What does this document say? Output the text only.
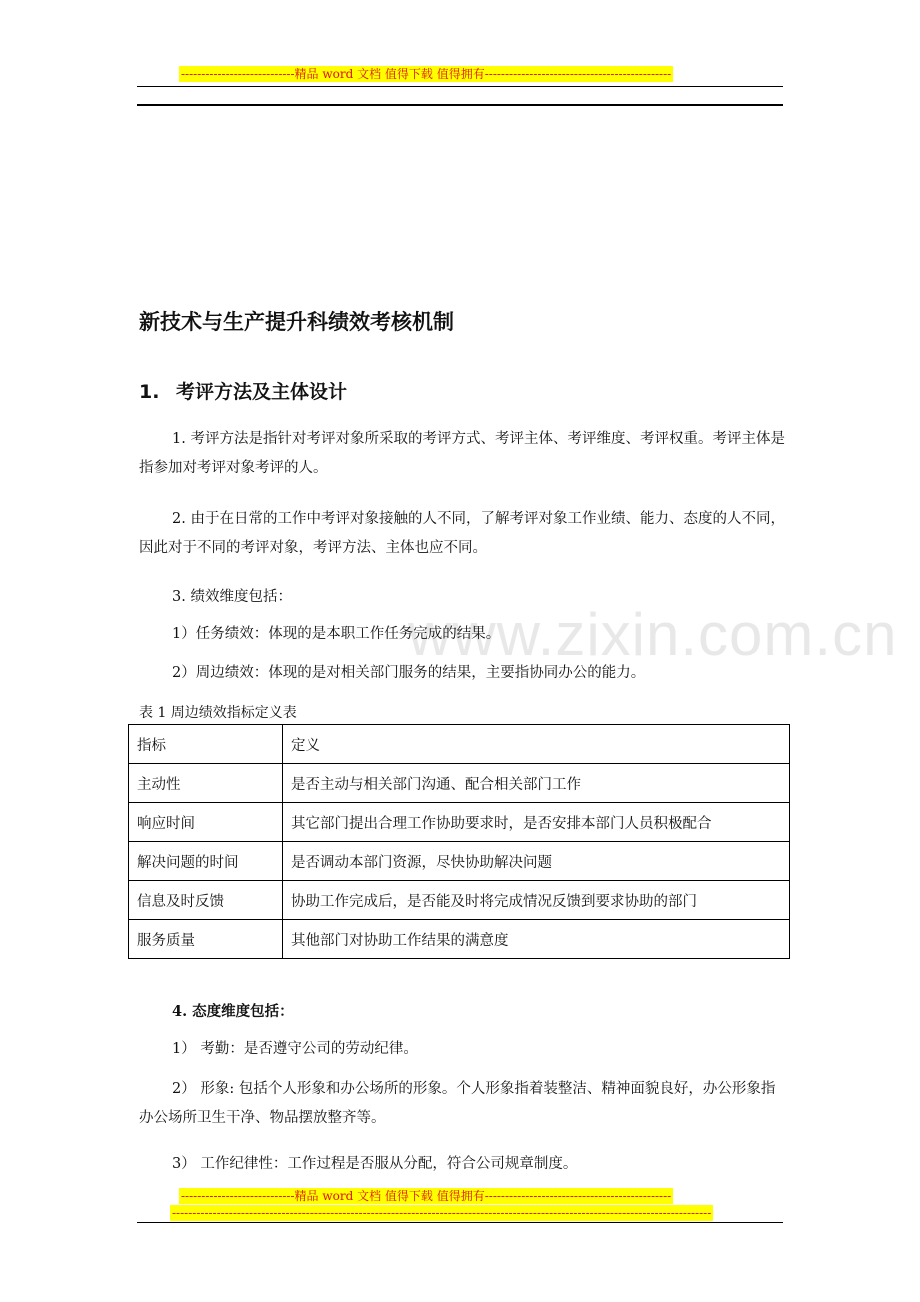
----------------------------精品 word 文档 值得下载 值得拥有----------------------------------------------
www.zixin.com.cn
新技术与生产提升科绩效考核机制
1. 考评方法及主体设计

1. 考评方法是指针对考评对象所采取的考评方式、考评主体、考评维度、考评权重。考评主体是指参加对考评对象考评的人。

2. 由于在日常的工作中考评对象接触的人不同，了解考评对象工作业绩、能力、态度的人不同，因此对于不同的考评对象，考评方法、主体也应不同。

3. 绩效维度包括：

1）任务绩效：体现的是本职工作任务完成的结果。

2）周边绩效：体现的是对相关部门服务的结果，主要指协同办公的能力。

表 1 周边绩效指标定义表

指标	定义
主动性	是否主动与相关部门沟通、配合相关部门工作
响应时间	其它部门提出合理工作协助要求时，是否安排本部门人员积极配合
解决问题的时间	是否调动本部门资源，尽快协助解决问题
信息及时反馈	协助工作完成后，是否能及时将完成情况反馈到要求协助的部门
服务质量	其他部门对协助工作结果的满意度

4. 态度维度包括：

1） 考勤：是否遵守公司的劳动纪律。

2） 形象: 包括个人形象和办公场所的形象。个人形象指着装整洁、精神面貌良好，办公形象指办公场所卫生干净、物品摆放整齐等。

3） 工作纪律性：工作过程是否服从分配，符合公司规章制度。

----------------------------精品 word 文档 值得下载 值得拥有----------------------------------------------
-------------------------------------------------------------------------------------------------------------------------------------
